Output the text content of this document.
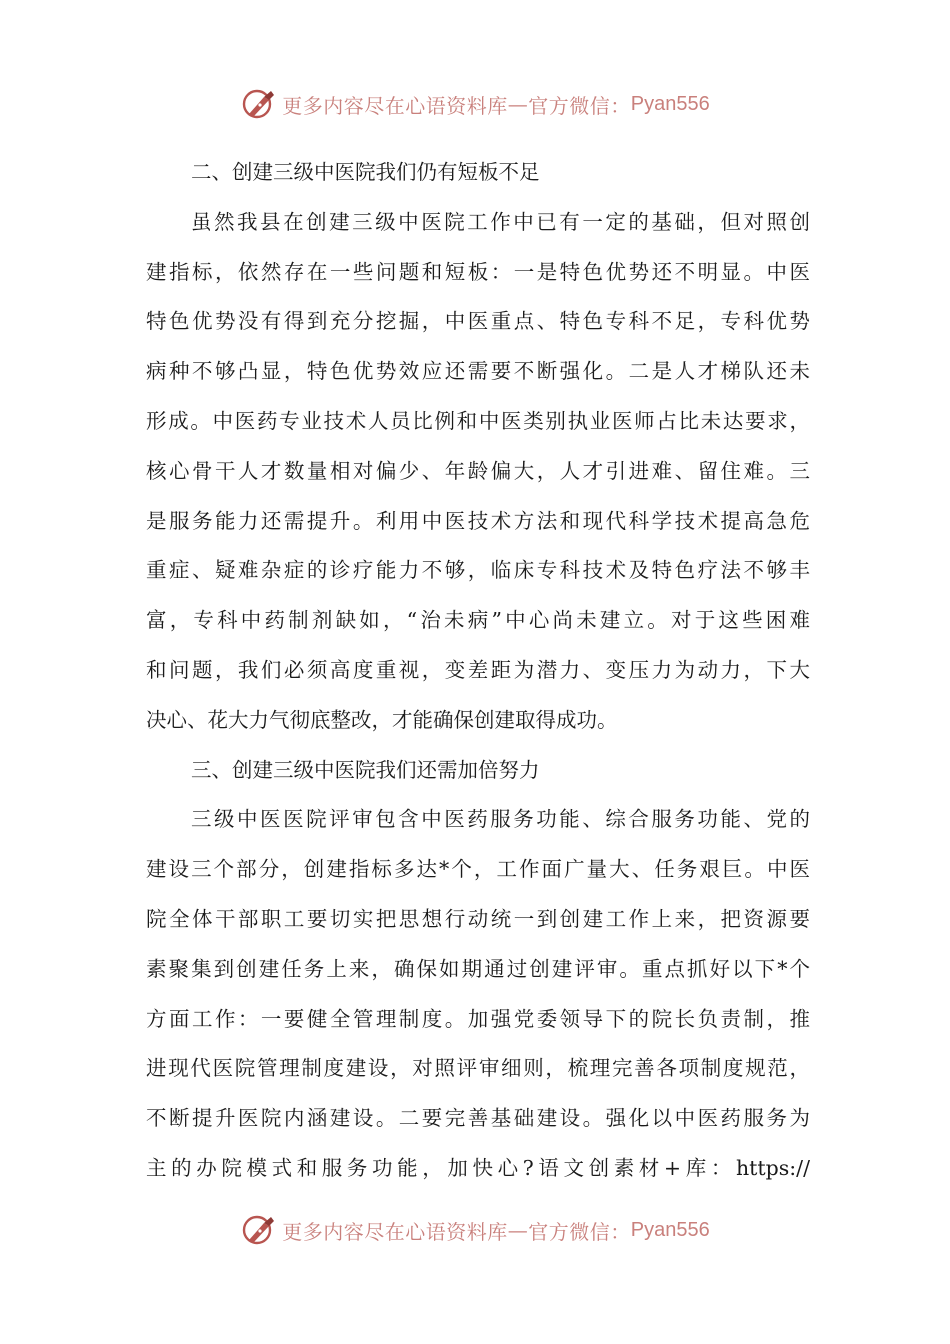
更多内容尽在心语资料库 — 官方微信： Pyan556
二、创建三级中医院我们仍有短板不足
虽然我县在创建三级中医院工作中已有一定的基础，但对照创
建指标，依然存在一些问题和短板：一是特色优势还不明显。中医
特色优势没有得到充分挖掘，中医重点、特色专科不足，专科优势
病种不够凸显，特色优势效应还需要不断强化。二是人才梯队还未
形成。中医药专业技术人员比例和中医类别执业医师占比未达要求，
核心骨干人才数量相对偏少、年龄偏大，人才引进难、留住难。三
是服务能力还需提升。利用中医技术方法和现代科学技术提高急危
重症、疑难杂症的诊疗能力不够，临床专科技术及特色疗法不够丰
富，专科中药制剂缺如，“治未病”中心尚未建立。对于这些困难
和问题，我们必须高度重视，变差距为潜力、变压力为动力，下大
决心、花大力气彻底整改，才能确保创建取得成功。
三、创建三级中医院我们还需加倍努力
三级中医医院评审包含中医药服务功能、综合服务功能、党的
建设三个部分，创建指标多达*个，工作面广量大、任务艰巨。中医
院全体干部职工要切实把思想行动统一到创建工作上来，把资源要
素聚集到创建任务上来，确保如期通过创建评审。重点抓好以下*个
方面工作：一要健全管理制度。加强党委领导下的院长负责制，推
进现代医院管理制度建设，对照评审细则，梳理完善各项制度规范，
不断提升医院内涵建设。二要完善基础建设。强化以中医药服务为
主的办院模式和服务功能，加快心?语文创素材+库：https://
更多内容尽在心语资料库 — 官方微信： Pyan556
